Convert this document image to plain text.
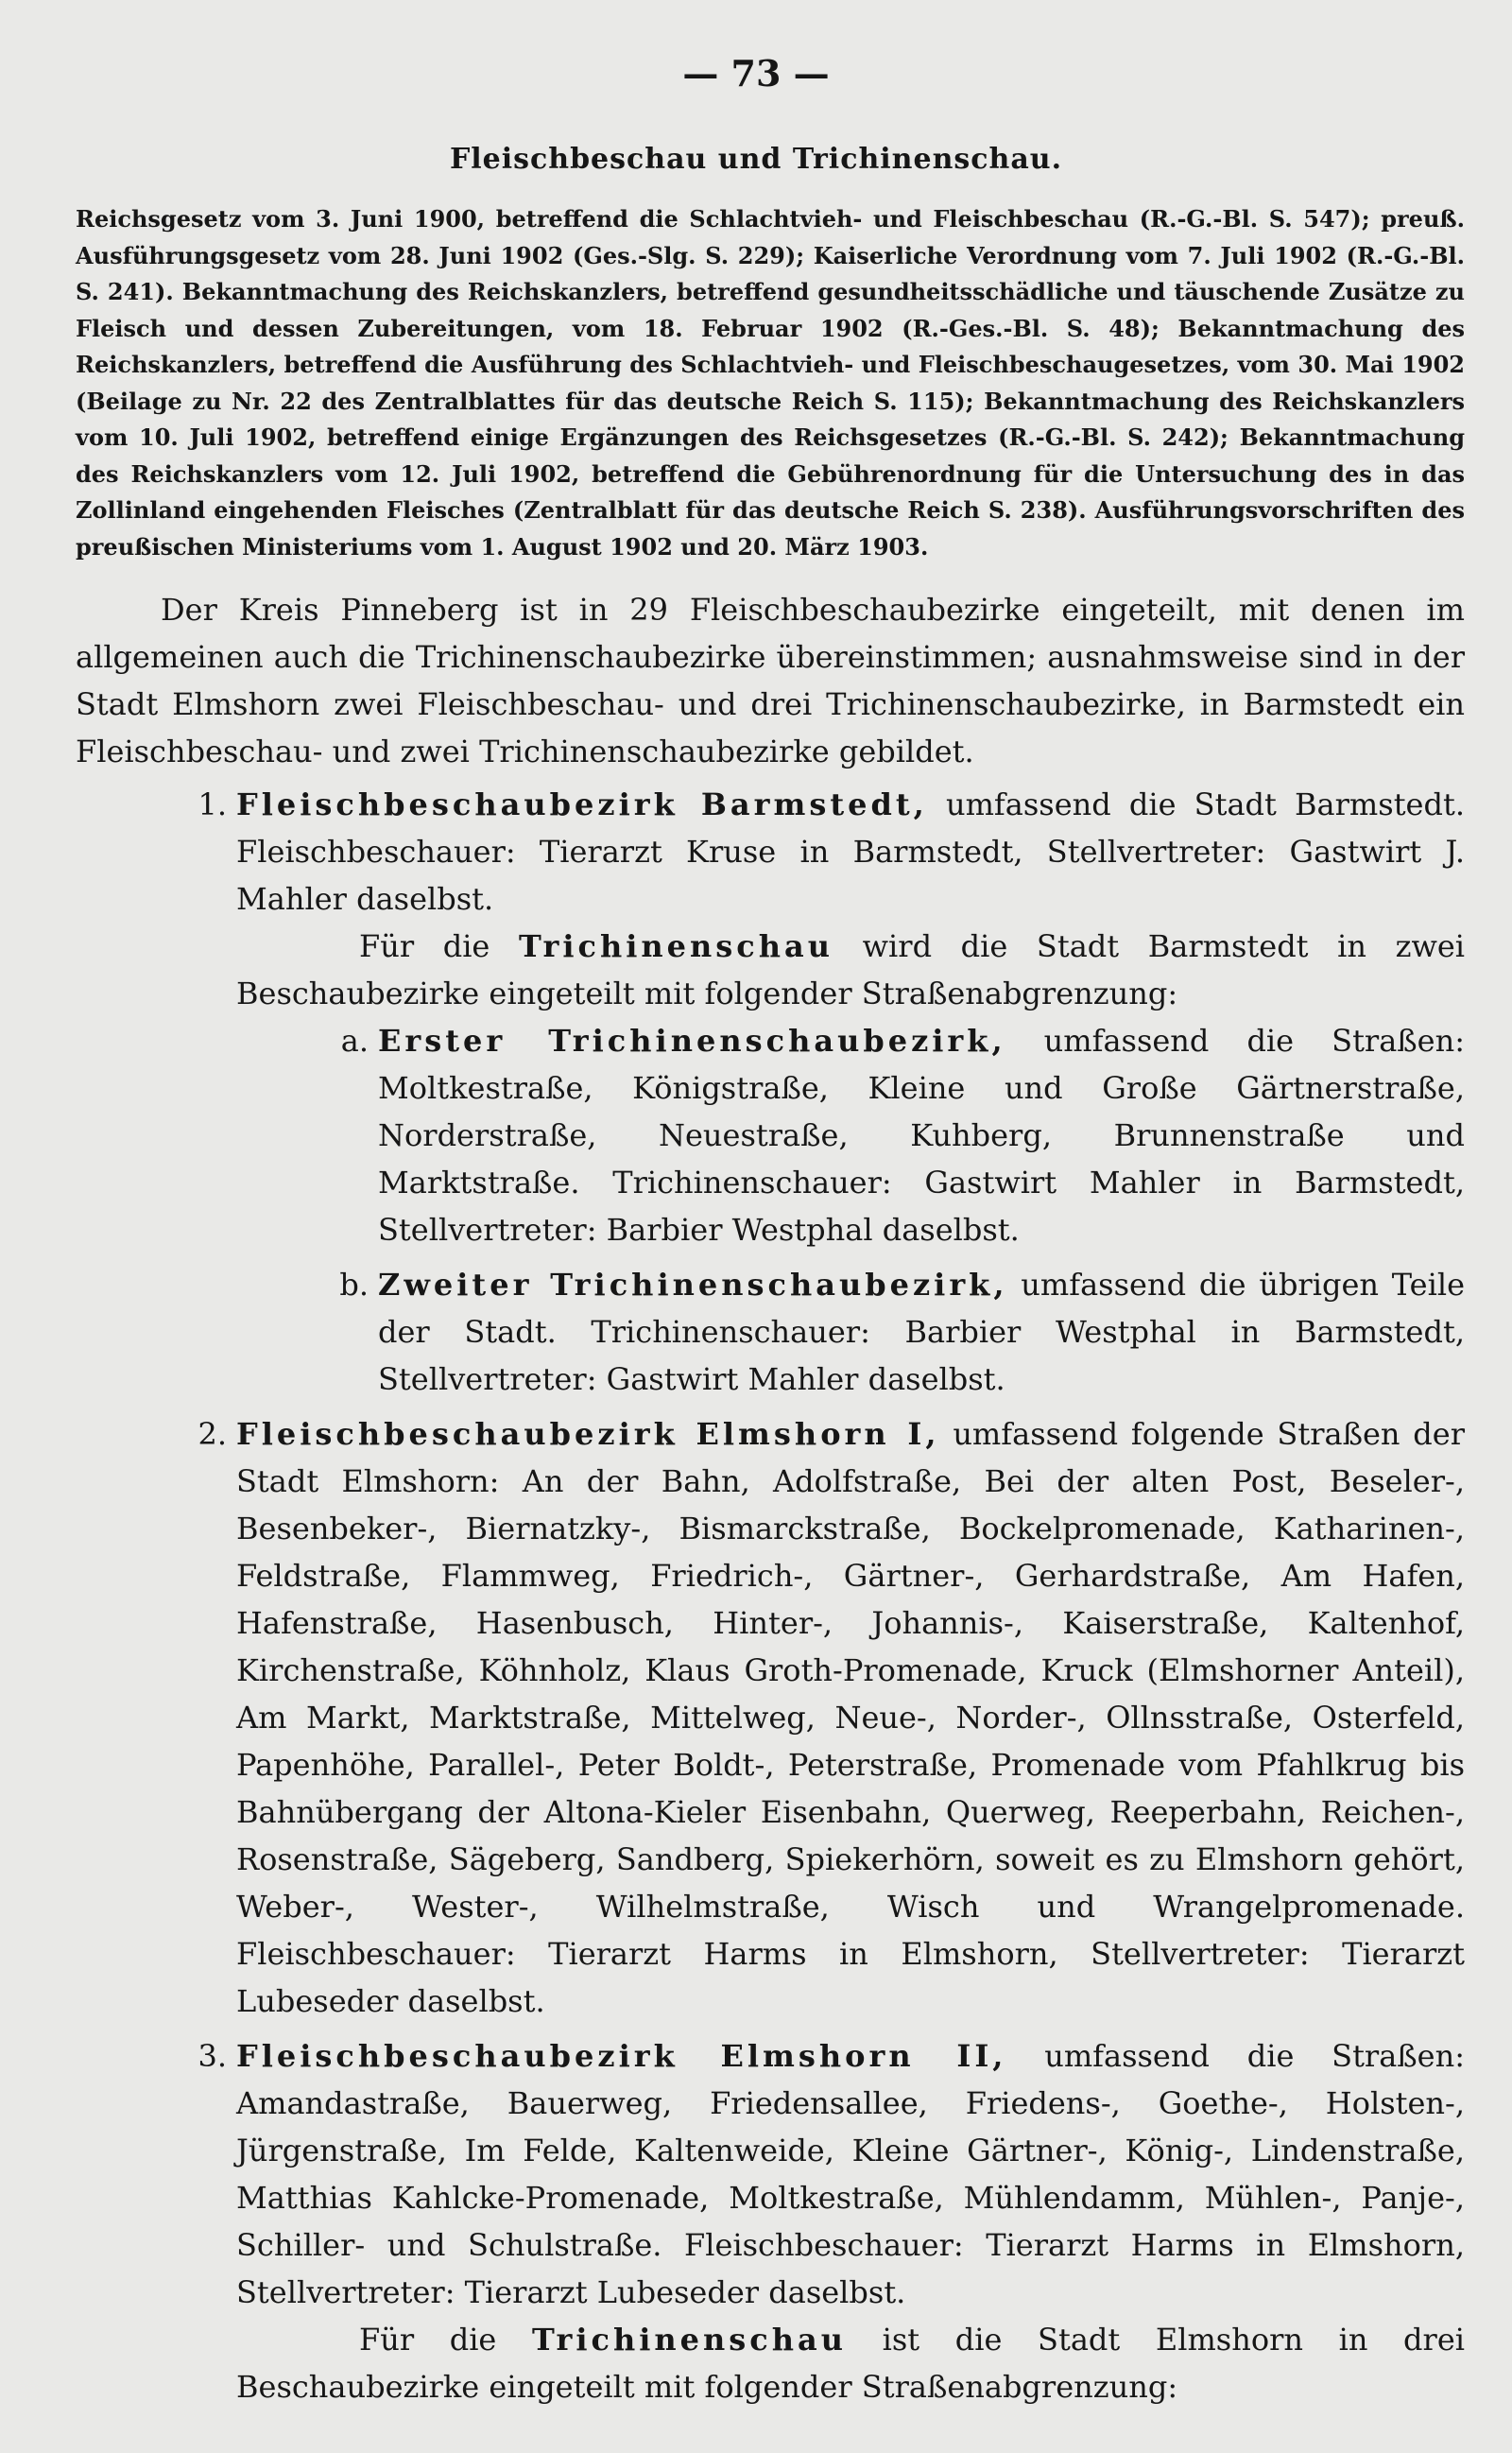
— 73 —
Fleischbeschau und Trichinenschau.
Reichsgesetz vom 3. Juni 1900, betreffend die Schlachtvieh- und Fleischbeschau (R.-G.-Bl. S. 547); preuß. Ausführungsgesetz vom 28. Juni 1902 (Ges.-Slg. S. 229); Kaiserliche Verordnung vom 7. Juli 1902 (R.-G.-Bl. S. 241). Bekanntmachung des Reichskanzlers, betreffend gesundheitsschädliche und täuschende Zusätze zu Fleisch und dessen Zubereitungen, vom 18. Februar 1902 (R.-Ges.-Bl. S. 48); Bekanntmachung des Reichskanzlers, betreffend die Ausführung des Schlachtvieh- und Fleischbeschaugesetzes, vom 30. Mai 1902 (Beilage zu Nr. 22 des Zentralblattes für das deutsche Reich S. 115); Bekanntmachung des Reichskanzlers vom 10. Juli 1902, betreffend einige Ergänzungen des Reichsgesetzes (R.-G.-Bl. S. 242); Bekanntmachung des Reichskanzlers vom 12. Juli 1902, betreffend die Gebührenordnung für die Untersuchung des in das Zollinland eingehenden Fleisches (Zentralblatt für das deutsche Reich S. 238). Ausführungsvorschriften des preußischen Ministeriums vom 1. August 1902 und 20. März 1903.
Der Kreis Pinneberg ist in 29 Fleischbeschaubezirke eingeteilt, mit denen im allgemeinen auch die Trichinenschaubezirke übereinstimmen; ausnahmsweise sind in der Stadt Elmshorn zwei Fleischbeschau- und drei Trichinenschaubezirke, in Barmstedt ein Fleischbeschau- und zwei Trichinenschaubezirke gebildet.
1. Fleischbeschaubezirk Barmstedt, umfassend die Stadt Barmstedt. Fleischbeschauer: Tierarzt Kruse in Barmstedt, Stellvertreter: Gastwirt J. Mahler daselbst.
Für die Trichinenschau wird die Stadt Barmstedt in zwei Beschaubezirke eingeteilt mit folgender Straßenabgrenzung:
a. Erster Trichinenschaubezirk, umfassend die Straßen: Moltkestraße, Königstraße, Kleine und Große Gärtnerstraße, Norderstraße, Neuestraße, Kuhberg, Brunnenstraße und Marktstraße. Trichinenschauer: Gastwirt Mahler in Barmstedt, Stellvertreter: Barbier Westphal daselbst.
b. Zweiter Trichinenschaubezirk, umfassend die übrigen Teile der Stadt. Trichinenschauer: Barbier Westphal in Barmstedt, Stellvertreter: Gastwirt Mahler daselbst.
2. Fleischbeschaubezirk Elmshorn I, umfassend folgende Straßen der Stadt Elmshorn: An der Bahn, Adolfstraße, Bei der alten Post, Beseler-, Besenbeker-, Biernatzky-, Bismarckstraße, Bockelpromenade, Katharinen-, Feldstraße, Flammweg, Friedrich-, Gärtner-, Gerhardstraße, Am Hafen, Hafenstraße, Hasenbusch, Hinter-, Johannis-, Kaiserstraße, Kaltenhof, Kirchenstraße, Köhnholz, Klaus Groth-Promenade, Kruck (Elmshorner Anteil), Am Markt, Marktstraße, Mittelweg, Neue-, Norder-, Ollnsstraße, Osterfeld, Papenhöhe, Parallel-, Peter Boldt-, Peterstraße, Promenade vom Pfahlkrug bis Bahnübergang der Altona-Kieler Eisenbahn, Querweg, Reeperbahn, Reichen-, Rosenstraße, Sägeberg, Sandberg, Spiekerhörn, soweit es zu Elmshorn gehört, Weber-, Wester-, Wilhelmstraße, Wisch und Wrangelpromenade. Fleischbeschauer: Tierarzt Harms in Elmshorn, Stellvertreter: Tierarzt Lubeseder daselbst.
3. Fleischbeschaubezirk Elmshorn II, umfassend die Straßen: Amandastraße, Bauerweg, Friedensallee, Friedens-, Goethe-, Holsten-, Jürgenstraße, Im Felde, Kaltenweide, Kleine Gärtner-, König-, Lindenstraße, Matthias Kahlcke-Promenade, Moltkestraße, Mühlendamm, Mühlen-, Panje-, Schiller- und Schulstraße. Fleischbeschauer: Tierarzt Harms in Elmshorn, Stellvertreter: Tierarzt Lubeseder daselbst.
Für die Trichinenschau ist die Stadt Elmshorn in drei Beschaubezirke eingeteilt mit folgender Straßenabgrenzung:
